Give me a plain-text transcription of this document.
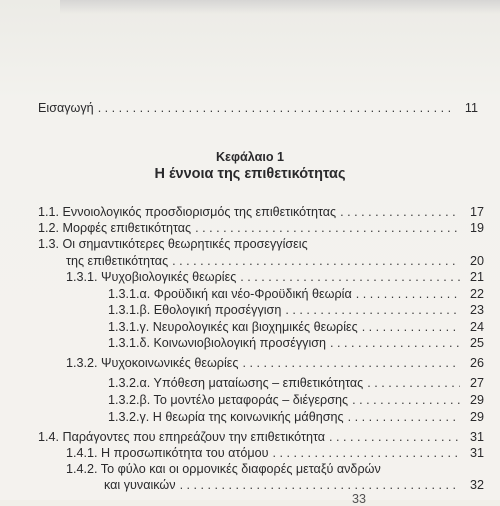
Εισαγωγή . . .	11
Κεφάλαιο 1
Η έννοια της επιθετικότητας
1.1. Εννοιολογικός προσδιορισμός της επιθετικότητας . . .	17
1.2. Μορφές επιθετικότητας . . .	19
1.3. Οι σημαντικότερες θεωρητικές προσεγγίσεις
της επιθετικότητας . . .	20
1.3.1. Ψυχοβιολογικές θεωρίες . . .	21
1.3.1.α. Φροϋδική και νέο-Φροϋδική θεωρία . . .	22
1.3.1.β. Εθολογική προσέγγιση . . .	23
1.3.1.γ. Νευρολογικές και βιοχημικές θεωρίες . . .	24
1.3.1.δ. Κοινωνιοβιολογική προσέγγιση . . .	25
1.3.2. Ψυχοκοινωνικές θεωρίες . . .	26
1.3.2.α. Υπόθεση ματαίωσης – επιθετικότητας . . .	27
1.3.2.β. Το μοντέλο μεταφοράς – διέγερσης . . .	29
1.3.2.γ. Η θεωρία της κοινωνικής μάθησης . . .	29
1.4. Παράγοντες που επηρεάζουν την επιθετικότητα . . .	31
1.4.1. Η προσωπικότητα του ατόμου . . .	31
1.4.2. Το φύλο και οι ορμονικές διαφορές μεταξύ ανδρών
και γυναικών . . .	32
33
